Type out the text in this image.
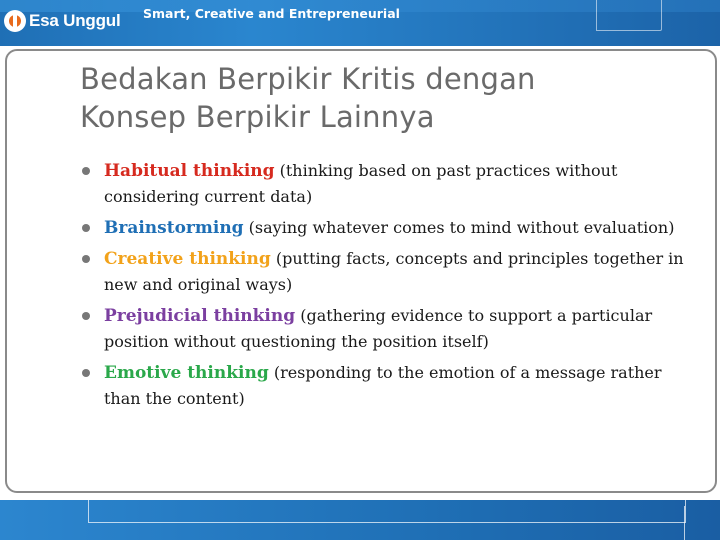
Esa Unggul Smart, Creative and Entrepreneurial
Bedakan Berpikir Kritis dengan
Konsep Berpikir Lainnya
Habitual thinking (thinking based on past practices without considering current data)
Brainstorming (saying whatever comes to mind without evaluation)
Creative thinking (putting facts, concepts and principles together in new and original ways)
Prejudicial thinking (gathering evidence to support a particular position without questioning the position itself)
Emotive thinking (responding to the emotion of a message rather than the content)
